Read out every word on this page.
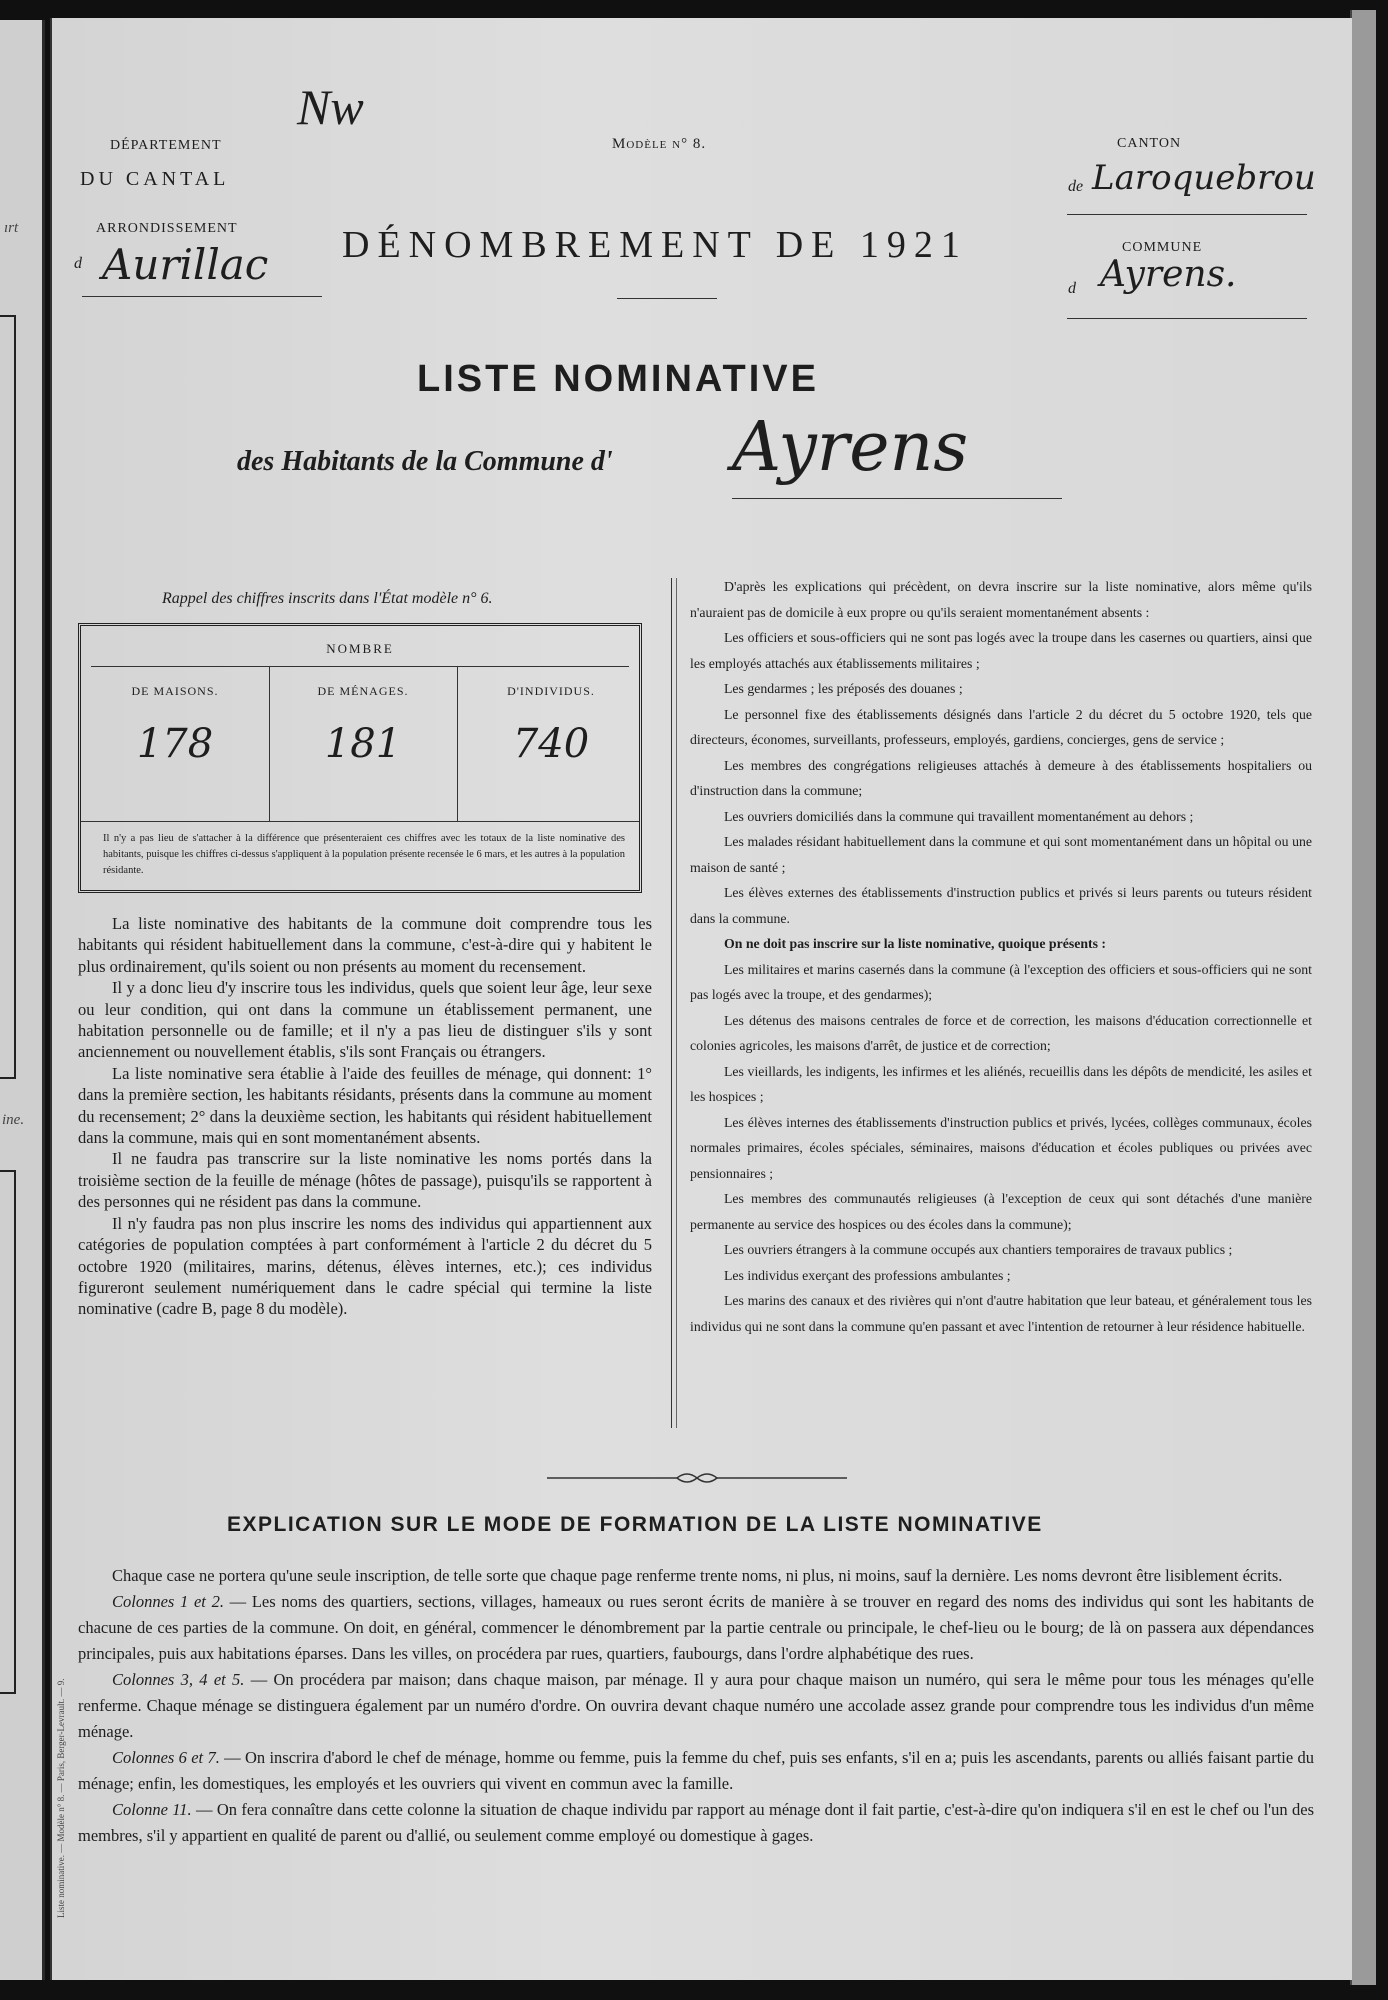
ırt
ine.
Liste nominative. — Modèle n° 8. — Paris, Berger-Levrault. — 9.
DÉPARTEMENT
DU CANTAL
ARRONDISSEMENT
d Aurillac
Nw
Modèle n° 8.
DÉNOMBREMENT DE 1921
CANTON
de Laroquebrou
COMMUNE
d Ayrens.
LISTE NOMINATIVE
des Habitants de la Commune d' Ayrens
Rappel des chiffres inscrits dans l'État modèle n° 6.
NOMBRE
DE MAISONS.	DE MÉNAGES.	D'INDIVIDUS.
178	181	740
Il n'y a pas lieu de s'attacher à la différence que présenteraient ces chiffres avec les totaux de la liste nominative des habitants, puisque les chiffres ci-dessus s'appliquent à la population présente recensée le 6 mars, et les autres à la population résidante.

La liste nominative des habitants de la commune doit comprendre tous les habitants qui résident habituellement dans la commune, c'est-à-dire qui y habitent le plus ordinairement, qu'ils soient ou non présents au moment du recensement.

Il y a donc lieu d'y inscrire tous les individus, quels que soient leur âge, leur sexe ou leur condition, qui ont dans la commune un établissement permanent, une habitation personnelle ou de famille; et il n'y a pas lieu de distinguer s'ils y sont anciennement ou nouvellement établis, s'ils sont Français ou étrangers.

La liste nominative sera établie à l'aide des feuilles de ménage, qui donnent: 1° dans la première section, les habitants résidants, présents dans la commune au moment du recensement; 2° dans la deuxième section, les habitants qui résident habituellement dans la commune, mais qui en sont momentanément absents.

Il ne faudra pas transcrire sur la liste nominative les noms portés dans la troisième section de la feuille de ménage (hôtes de passage), puisqu'ils se rapportent à des personnes qui ne résident pas dans la commune.

Il n'y faudra pas non plus inscrire les noms des individus qui appartiennent aux catégories de population comptées à part conformément à l'article 2 du décret du 5 octobre 1920 (militaires, marins, détenus, élèves internes, etc.); ces individus figureront seulement numériquement dans le cadre spécial qui termine la liste nominative (cadre B, page 8 du modèle).

D'après les explications qui précèdent, on devra inscrire sur la liste nominative, alors même qu'ils n'auraient pas de domicile à eux propre ou qu'ils seraient momentanément absents :

Les officiers et sous-officiers qui ne sont pas logés avec la troupe dans les casernes ou quartiers, ainsi que les employés attachés aux établissements militaires ;

Les gendarmes ; les préposés des douanes ;

Le personnel fixe des établissements désignés dans l'article 2 du décret du 5 octobre 1920, tels que directeurs, économes, surveillants, professeurs, employés, gardiens, concierges, gens de service ;

Les membres des congrégations religieuses attachés à demeure à des établissements hospitaliers ou d'instruction dans la commune;

Les ouvriers domiciliés dans la commune qui travaillent momentanément au dehors ;

Les malades résidant habituellement dans la commune et qui sont momentanément dans un hôpital ou une maison de santé ;

Les élèves externes des établissements d'instruction publics et privés si leurs parents ou tuteurs résident dans la commune.

On ne doit pas inscrire sur la liste nominative, quoique présents :

Les militaires et marins casernés dans la commune (à l'exception des officiers et sous-officiers qui ne sont pas logés avec la troupe, et des gendarmes);

Les détenus des maisons centrales de force et de correction, les maisons d'éducation correctionnelle et colonies agricoles, les maisons d'arrêt, de justice et de correction;

Les vieillards, les indigents, les infirmes et les aliénés, recueillis dans les dépôts de mendicité, les asiles et les hospices ;

Les élèves internes des établissements d'instruction publics et privés, lycées, collèges communaux, écoles normales primaires, écoles spéciales, séminaires, maisons d'éducation et écoles publiques ou privées avec pensionnaires ;

Les membres des communautés religieuses (à l'exception de ceux qui sont détachés d'une manière permanente au service des hospices ou des écoles dans la commune);

Les ouvriers étrangers à la commune occupés aux chantiers temporaires de travaux publics ;

Les individus exerçant des professions ambulantes ;

Les marins des canaux et des rivières qui n'ont d'autre habitation que leur bateau, et généralement tous les individus qui ne sont dans la commune qu'en passant et avec l'intention de retourner à leur résidence habituelle.

EXPLICATION SUR LE MODE DE FORMATION DE LA LISTE NOMINATIVE

Chaque case ne portera qu'une seule inscription, de telle sorte que chaque page renferme trente noms, ni plus, ni moins, sauf la dernière. Les noms devront être lisiblement écrits.

Colonnes 1 et 2. — Les noms des quartiers, sections, villages, hameaux ou rues seront écrits de manière à se trouver en regard des noms des individus qui sont les habitants de chacune de ces parties de la commune. On doit, en général, commencer le dénombrement par la partie centrale ou principale, le chef-lieu ou le bourg; de là on passera aux dépendances principales, puis aux habitations éparses. Dans les villes, on procédera par rues, quartiers, faubourgs, dans l'ordre alphabétique des rues.

Colonnes 3, 4 et 5. — On procédera par maison; dans chaque maison, par ménage. Il y aura pour chaque maison un numéro, qui sera le même pour tous les ménages qu'elle renferme. Chaque ménage se distinguera également par un numéro d'ordre. On ouvrira devant chaque numéro une accolade assez grande pour comprendre tous les individus d'un même ménage.

Colonnes 6 et 7. — On inscrira d'abord le chef de ménage, homme ou femme, puis la femme du chef, puis ses enfants, s'il en a; puis les ascendants, parents ou alliés faisant partie du ménage; enfin, les domestiques, les employés et les ouvriers qui vivent en commun avec la famille.

Colonne 11. — On fera connaître dans cette colonne la situation de chaque individu par rapport au ménage dont il fait partie, c'est-à-dire qu'on indiquera s'il en est le chef ou l'un des membres, s'il y appartient en qualité de parent ou d'allié, ou seulement comme employé ou domestique à gages.
